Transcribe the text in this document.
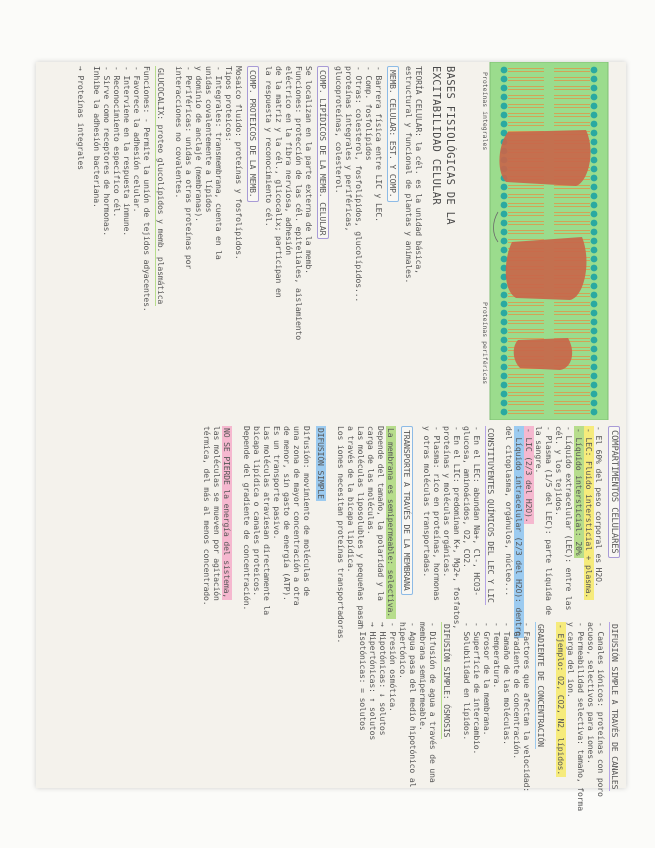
Proteínas integrales
Proteínas periféricas
BASES FISIOLÓGICAS DE LA
EXCITABILIDAD CELULAR
TEORÍA CELULAR: la cél. es la unidad básica,
estructural y funcional de plantas y animales.
MEMB. CELULAR: EST. Y COMP.
- Barrera física entre LIC y LEC.
- Comp. fosfolípidos
- Otras: colesterol, fosfolípidos, glucolípidos...
proteínas integrales y periféricas,
glucoproteínas, colesterol.
COMP. LIPÍDICOS DE LA MEMB. CELULAR
Se localizan en la parte externa de la memb.
Funciones: protección de las cél. epiteliales, aislamiento
eléctrico en la fibra nerviosa, adhesión
de la matriz y la cél., glicocalix; participan en
la respuesta y reconocimiento cél.
COMP. PROTEICOS DE LA MEMB.
Mosaico fluido: proteínas y fosfolípidos.
Tipos proteicos:
- Integrales: transmembrana, cuenta en la
unidas covalentemente a lípidos
y dominio de anclaje (membranas).
- Periféricas: unidas a otras proteínas por
interacciones no covalentes.
GLUCOCALIX: proteo glucolípidos y memb. plasmática
Funciones: - Permite la unión de tejidos adyacentes.
- Favorece la adhesión celular.
- Interviene en la respuesta inmune.
- Reconocimiento específico cél.
- Sirve como receptores de hormonas.
Inhibe la adhesión bacteriana.
→ Proteínas integrales
COMPARTIMENTOS CELULARES
- El 60% del peso corporal es H2O.
- LEC: Fluido intersticial + plasma.
- Líquido intersticial: 20%
- Líquido extracelular (LEC): entre las
cél. y los tejidos.
- Plasma (1/5 del LEC): parte líquida de
la sangre.
- LIC (2/3 del H2O).
- Líquido intracelular (2/3 del H2O): dentro
del citoplasma, orgánulos, núcleo...
CONSTITUYENTES QUÍMICOS DEL LEC Y LIC
- En el LEC: abundan Na+, Cl-, HCO3-
glucosa, aminoácidos, O2, CO2.
- En el LIC: predominan K+, Mg2+, fosfatos,
proteínas y moléculas orgánicas.
- Plasma: rico en proteínas, hormonas
y otras moléculas transportadas.
TRANSPORTE A TRAVÉS DE LA MEMBRANA
La membrana es semipermeable: selectiva.
Depende del tamaño, la polaridad y la
carga de las moléculas.
Las moléculas liposolubles y pequeñas pasan
a través de la bicapa lipídica.
Los iones necesitan proteínas transportadoras.
DIFUSIÓN SIMPLE
Difusión: movimiento de moléculas de
una zona de mayor concentración a otra
de menor, sin gasto de energía (ATP).
Es un transporte pasivo.
Las moléculas atraviesan directamente la
bicapa lipídica o canales proteicos.
Depende del gradiente de concentración.
NO SE PIERDE la energía del sistema,
las moléculas se mueven por agitación
térmica, del más al menos concentrado.
DIFUSIÓN SIMPLE A TRAVÉS DE CANALES
- Canales iónicos: proteínas con poro
acuoso, selectivos para iones.
- Permeabilidad selectiva: tamaño, forma
y carga del ion.
- Ejemplo: O2, CO2, N2, lípidos.
GRADIENTE DE CONCENTRACIÓN
- Factores que afectan la velocidad:
- Gradiente de concentración.
- Tamaño de las moléculas.
- Temperatura.
- Grosor de la membrana.
- Superficie de intercambio.
- Solubilidad en lípidos.
DIFUSIÓN SIMPLE: ÓSMOSIS
- Difusión de agua a través de una
membrana semipermeable.
- Agua pasa del medio hipotónico al
hipertónico.
- Presión osmótica.
→ Hipotónicas: ↓ solutos
→ Hipertónicas: ↑ solutos
→ Isotónicas: = solutos
